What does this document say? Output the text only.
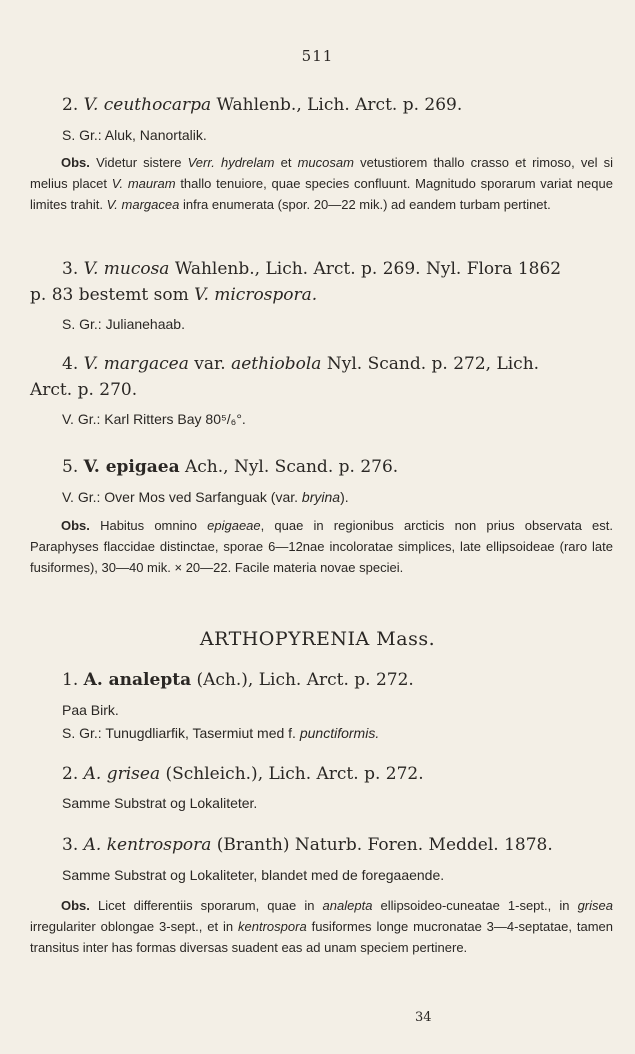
511
2. V. ceuthocarpa Wahlenb., Lich. Arct. p. 269.
S. Gr.: Aluk, Nanortalik.
Obs. Videtur sistere Verr. hydrelam et mucosam vetustiorem thallo crasso et rimoso, vel si melius placet V. mauram thallo tenuiore, quae species confluunt. Magnitudo sporarum variat neque limites trahit. V. margacea infra enumerata (spor. 20—22 mik.) ad eandem turbam pertinet.
3. V. mucosa Wahlenb., Lich. Arct. p. 269. Nyl. Flora 1862
p. 83 bestemt som V. microspora.
S. Gr.: Julianehaab.
4. V. margacea var. aethiobola Nyl. Scand. p. 272, Lich.
Arct. p. 270.
V. Gr.: Karl Ritters Bay 80⁵/₆°.
5. V. epigaea Ach., Nyl. Scand. p. 276.
V. Gr.: Over Mos ved Sarfanguak (var. bryina).
Obs. Habitus omnino epigaeae, quae in regionibus arcticis non prius observata est. Paraphyses flaccidae distinctae, sporae 6—12nae incoloratae simplices, late ellipsoideae (raro late fusiformes), 30—40 mik. × 20—22. Facile materia novae speciei.
ARTHOPYRENIA Mass.
1. A. analepta (Ach.), Lich. Arct. p. 272.
Paa Birk.
S. Gr.: Tunugdliarfik, Tasermiut med f. punctiformis.
2. A. grisea (Schleich.), Lich. Arct. p. 272.
Samme Substrat og Lokaliteter.
3. A. kentrospora (Branth) Naturb. Foren. Meddel. 1878.
Samme Substrat og Lokaliteter, blandet med de foregaaende.
Obs. Licet differentiis sporarum, quae in analepta ellipsoideo-cuneatae 1-sept., in grisea irregulariter oblongae 3-sept., et in kentrospora fusiformes longe mucronatae 3—4-septatae, tamen transitus inter has formas diversas suadent eas ad unam speciem pertinere.
34
